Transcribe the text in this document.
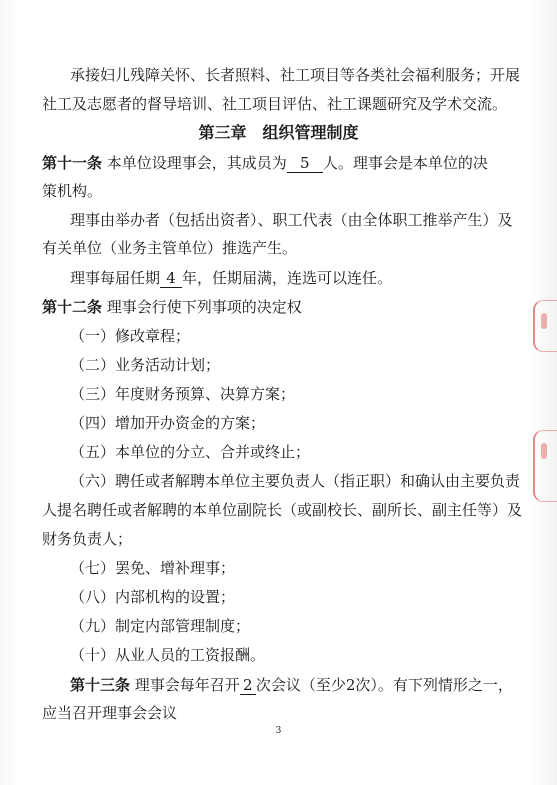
承接妇儿残障关怀、长者照料、社工项目等各类社会福利服务；开展
社工及志愿者的督导培训、社工项目评估、社工课题研究及学术交流。
第三章　组织管理制度
第十一条 本单位设理事会，其成员为 5 人。理事会是本单位的决
策机构。
理事由举办者（包括出资者）、职工代表（由全体职工推举产生）及
有关单位（业务主管单位）推选产生。
理事每届任期 4 年，任期届满，连选可以连任。
第十二条 理事会行使下列事项的决定权
（一）修改章程；
（二）业务活动计划；
（三）年度财务预算、决算方案；
（四）增加开办资金的方案；
（五）本单位的分立、合并或终止；
（六）聘任或者解聘本单位主要负责人（指正职）和确认由主要负责
人提名聘任或者解聘的本单位副院长（或副校长、副所长、副主任等）及
财务负责人；
（七）罢免、增补理事；
（八）内部机构的设置；
（九）制定内部管理制度；
（十）从业人员的工资报酬。
第十三条 理事会每年召开 2 次会议（至少2次）。有下列情形之一，
应当召开理事会会议
3
